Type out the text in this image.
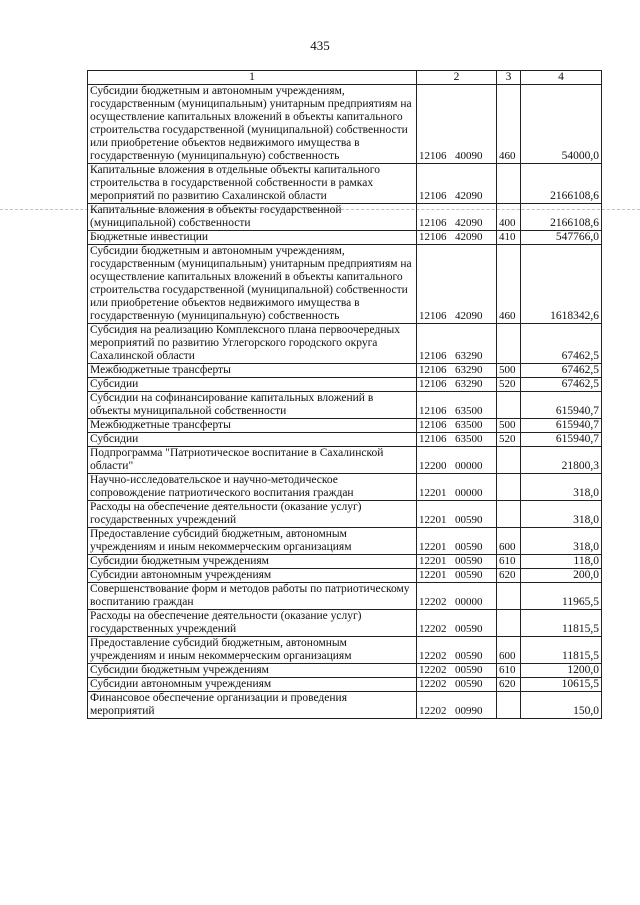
435
1	2	3	4
Субсидии бюджетным и автономным учреждениям, государственным (муниципальным) унитарным предприятиям на осуществление капитальных вложений в объекты капитального строительства государственной (муниципальной) собственности или приобретение объектов недвижимого имущества в государственную (муниципальную) собственность	12106 40090	460	54000,0
Капитальные вложения в отдельные объекты капитального строительства в государственной собственности в рамках мероприятий по развитию Сахалинской области	12106 42090		2166108,6
Капитальные вложения в объекты государственной (муниципальной) собственности	12106 42090	400	2166108,6
Бюджетные инвестиции	12106 42090	410	547766,0
Субсидии бюджетным и автономным учреждениям, государственным (муниципальным) унитарным предприятиям на осуществление капитальных вложений в объекты капитального строительства государственной (муниципальной) собственности или приобретение объектов недвижимого имущества в государственную (муниципальную) собственность	12106 42090	460	1618342,6
Субсидия на реализацию Комплексного плана первоочередных мероприятий по развитию Углегорского городского округа Сахалинской области	12106 63290		67462,5
Межбюджетные трансферты	12106 63290	500	67462,5
Субсидии	12106 63290	520	67462,5
Субсидии на софинансирование капитальных вложений в объекты муниципальной собственности	12106 63500		615940,7
Межбюджетные трансферты	12106 63500	500	615940,7
Субсидии	12106 63500	520	615940,7
Подпрограмма "Патриотическое воспитание в Сахалинской области"	12200 00000		21800,3
Научно-исследовательское и научно-методическое сопровождение патриотического воспитания граждан	12201 00000		318,0
Расходы на обеспечение деятельности (оказание услуг) государственных учреждений	12201 00590		318,0
Предоставление субсидий бюджетным, автономным учреждениям и иным некоммерческим организациям	12201 00590	600	318,0
Субсидии бюджетным учреждениям	12201 00590	610	118,0
Субсидии автономным учреждениям	12201 00590	620	200,0
Совершенствование форм и методов работы по патриотическому воспитанию граждан	12202 00000		11965,5
Расходы на обеспечение деятельности (оказание услуг) государственных учреждений	12202 00590		11815,5
Предоставление субсидий бюджетным, автономным учреждениям и иным некоммерческим организациям	12202 00590	600	11815,5
Субсидии бюджетным учреждениям	12202 00590	610	1200,0
Субсидии автономным учреждениям	12202 00590	620	10615,5
Финансовое обеспечение организации и проведения мероприятий	12202 00990		150,0
